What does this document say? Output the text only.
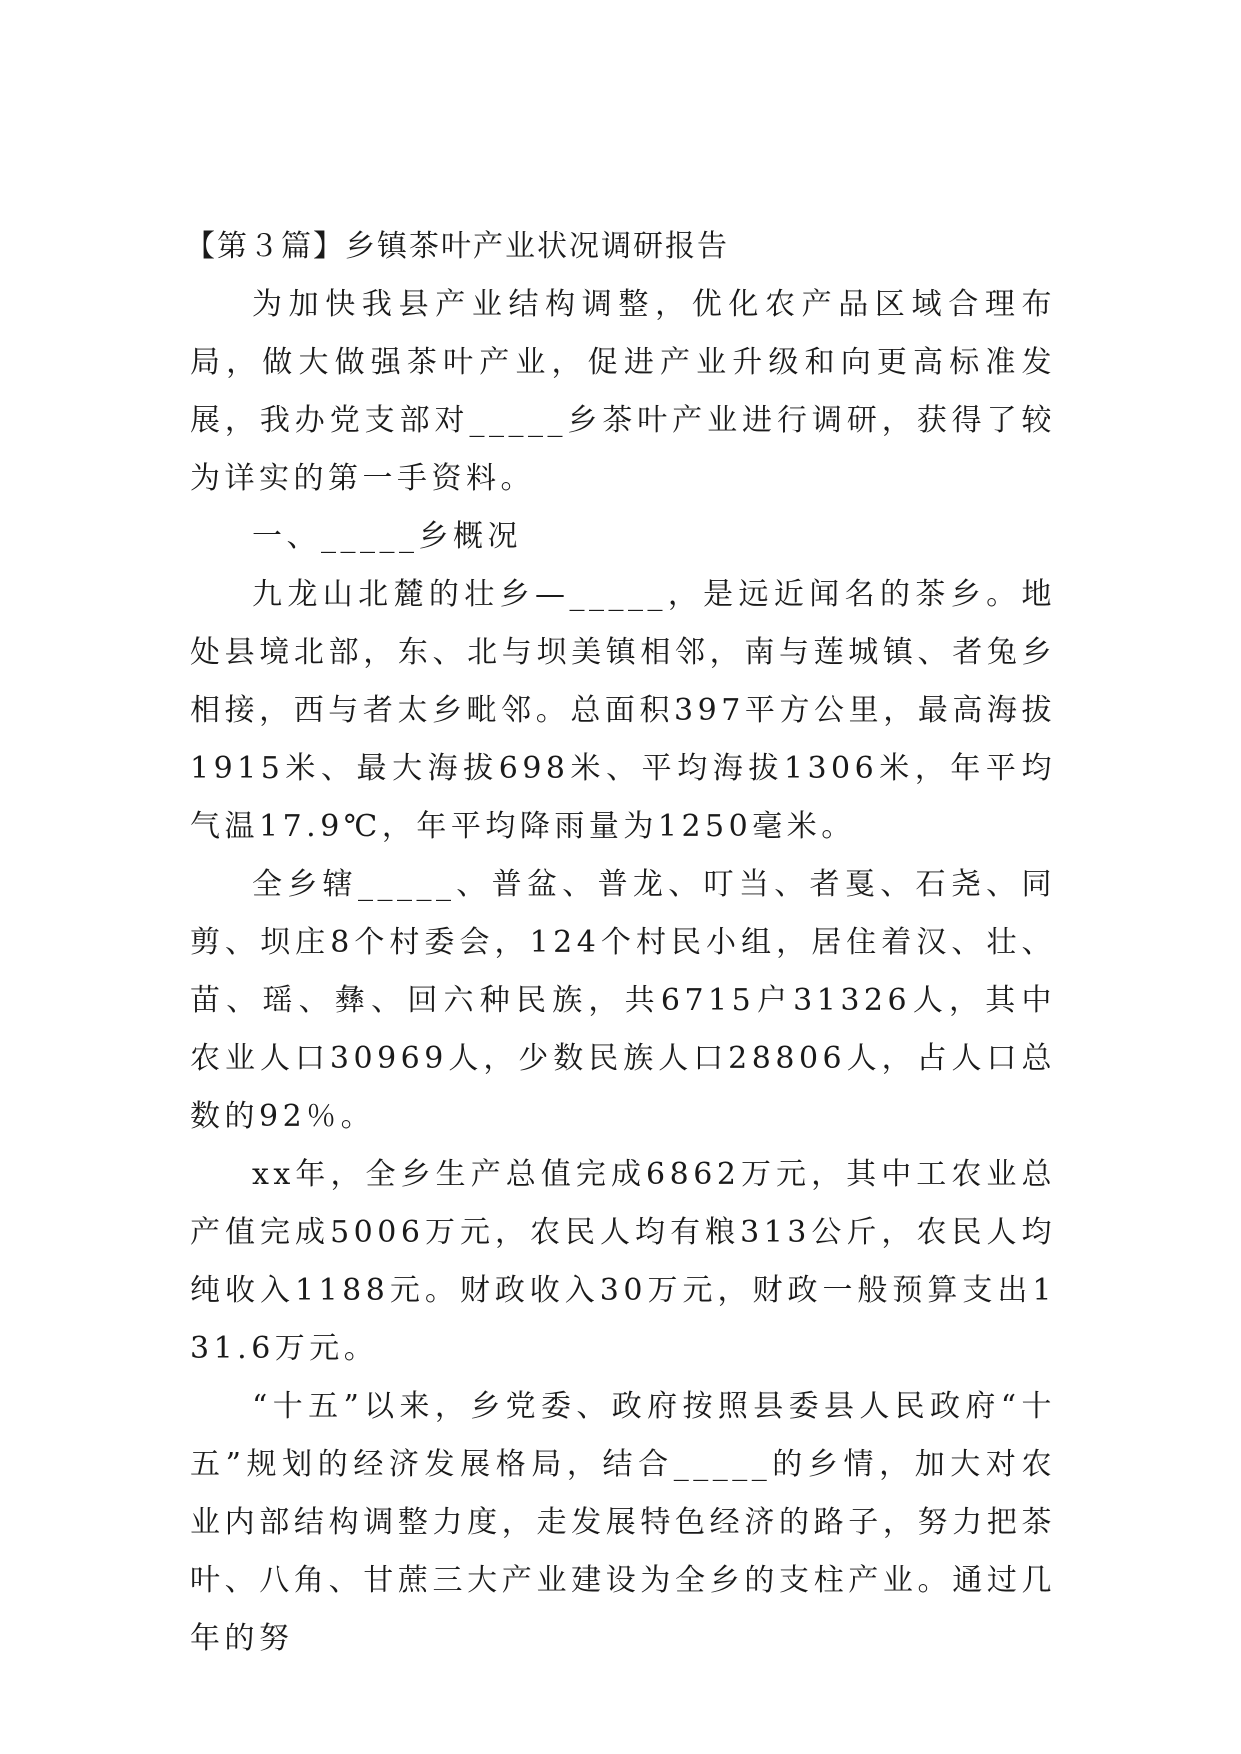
【第３篇】乡镇茶叶产业状况调研报告

为加快我县产业结构调整，优化农产品区域合理布局，做大做强茶叶产业，促进产业升级和向更高标准发展，我办党支部对_____乡茶叶产业进行调研，获得了较为详实的第一手资料。

一、_____乡概况

九龙山北麓的壮乡—_____，是远近闻名的茶乡。地处县境北部，东、北与坝美镇相邻，南与莲城镇、者兔乡相接，西与者太乡毗邻。总面积397平方公里，最高海拔1915米、最大海拔698米、平均海拔1306米，年平均气温17.9℃，年平均降雨量为1250毫米。

全乡辖_____、普盆、普龙、叮当、者戛、石尧、同剪、坝庄8个村委会，124个村民小组，居住着汉、壮、苗、瑶、彝、回六种民族，共6715户31326人，其中农业人口30969人，少数民族人口28806人，占人口总数的92％。

xx年，全乡生产总值完成6862万元，其中工农业总产值完成5006万元，农民人均有粮313公斤，农民人均纯收入1188元。财政收入30万元，财政一般预算支出131.6万元。

“十五”以来，乡党委、政府按照县委县人民政府“十五”规划的经济发展格局，结合_____的乡情，加大对农业内部结构调整力度，走发展特色经济的路子，努力把茶叶、八角、甘蔗三大产业建设为全乡的支柱产业。通过几年的努
